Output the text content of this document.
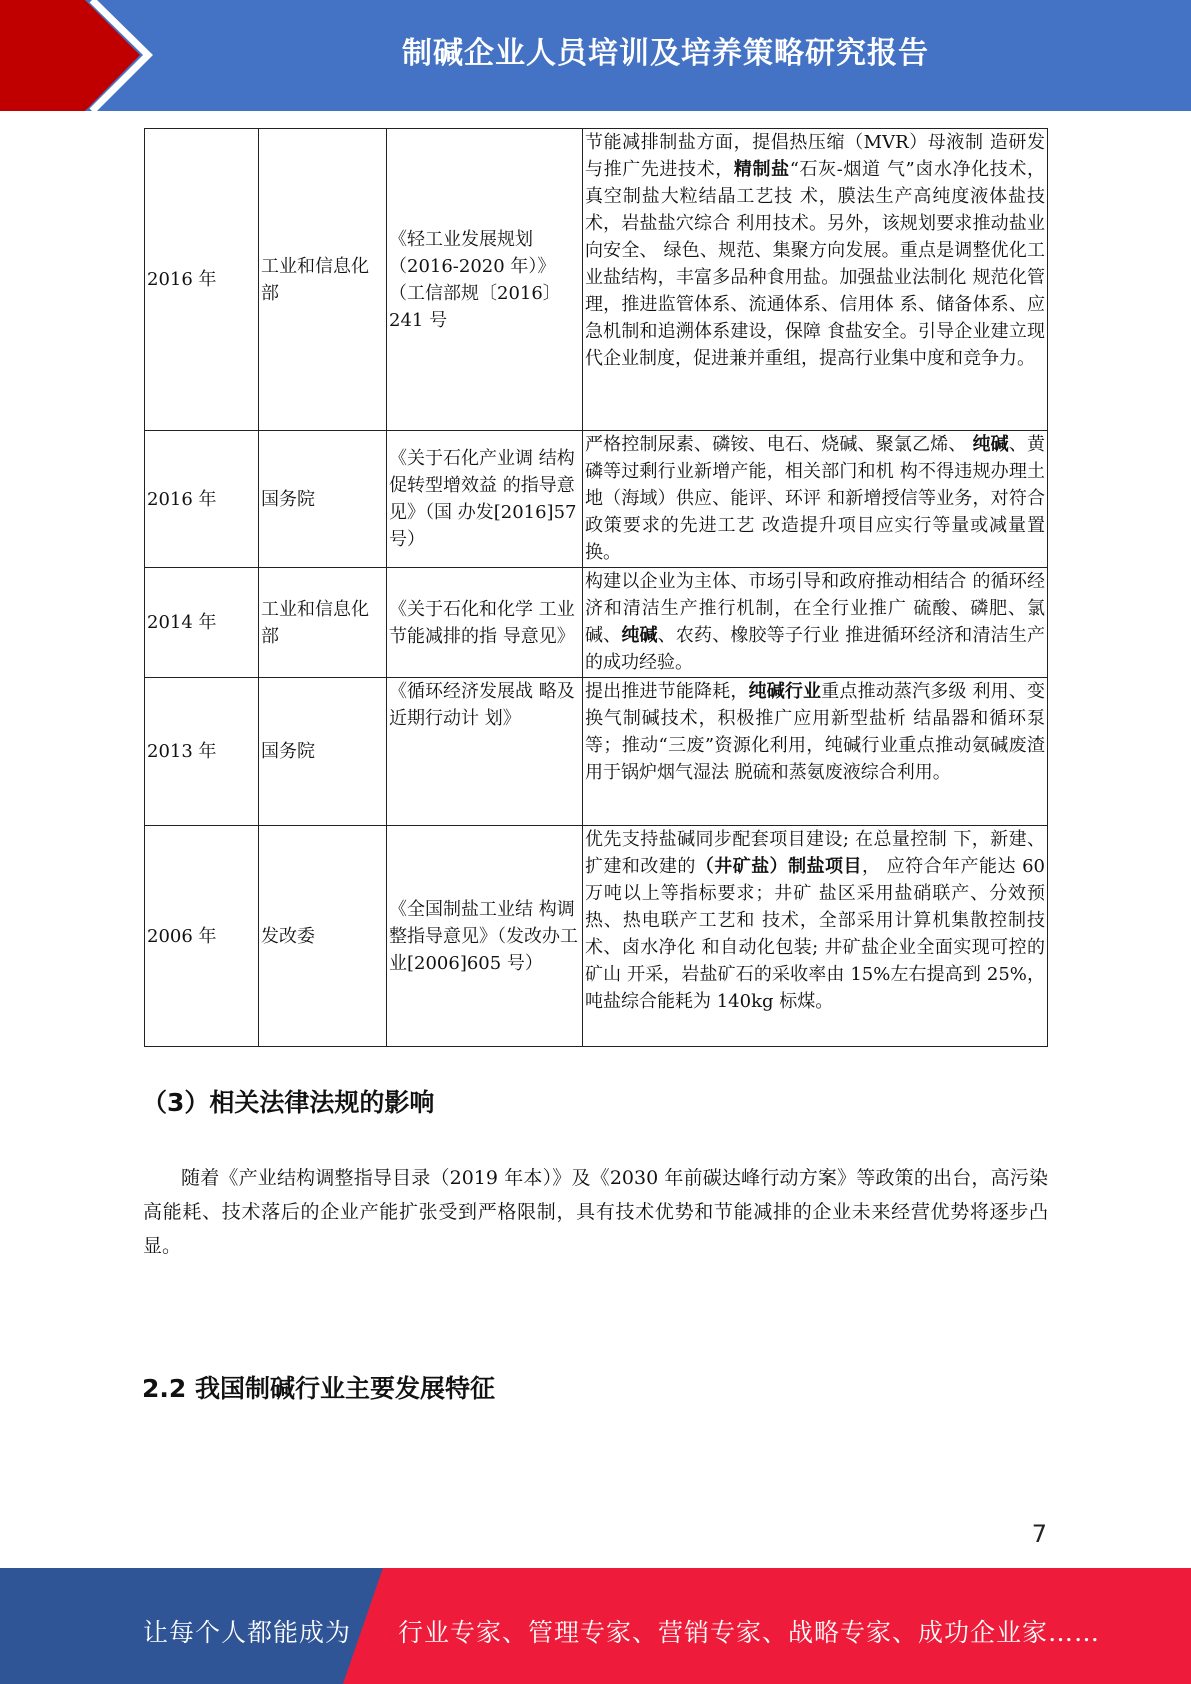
制碱企业人员培训及培养策略研究报告
2016 年	工业和信息化部	《轻工业发展规划（2016-2020 年）》（工信部规〔2016〕241 号	节能减排制盐方面，提倡热压缩（MVR）母液制 造研发与推广先进技术，精制盐“石灰-烟道 气”卤水净化技术，真空制盐大粒结晶工艺技 术，膜法生产高纯度液体盐技术，岩盐盐穴综合 利用技术。另外，该规划要求推动盐业向安全、 绿色、规范、集聚方向发展。重点是调整优化工 业盐结构，丰富多品种食用盐。加强盐业法制化 规范化管理，推进监管体系、流通体系、信用体 系、储备体系、应急机制和追溯体系建设，保障 食盐安全。引导企业建立现代企业制度，促进兼并重组，提高行业集中度和竞争力。
2016 年	国务院	《关于石化产业调 结构促转型增效益 的指导意见》（国 办发[2016]57 号）	严格控制尿素、磷铵、电石、烧碱、聚氯乙烯、 纯碱、黄磷等过剩行业新增产能，相关部门和机 构不得违规办理土地（海域）供应、能评、环评 和新增授信等业务，对符合政策要求的先进工艺 改造提升项目应实行等量或减量置换。
2014 年	工业和信息化部	《关于石化和化学 工业节能减排的指 导意见》	构建以企业为主体、市场引导和政府推动相结合 的循环经济和清洁生产推行机制，在全行业推广 硫酸、磷肥、氯碱、纯碱、农药、橡胶等子行业 推进循环经济和清洁生产的成功经验。
2013 年	国务院	《循环经济发展战 略及近期行动计 划》	提出推进节能降耗，纯碱行业重点推动蒸汽多级 利用、变换气制碱技术，积极推广应用新型盐析 结晶器和循环泵等；推动“三废”资源化利用，纯碱行业重点推动氨碱废渣用于锅炉烟气湿法 脱硫和蒸氨废液综合利用。
2006 年	发改委	《全国制盐工业结 构调整指导意见》（发改办工业[2006]605 号）	优先支持盐碱同步配套项目建设; 在总量控制 下，新建、扩建和改建的（井矿盐）制盐项目， 应符合年产能达 60 万吨以上等指标要求；井矿 盐区采用盐硝联产、分效预热、热电联产工艺和 技术，全部采用计算机集散控制技术、卤水净化 和自动化包装; 井矿盐企业全面实现可控的矿山 开采，岩盐矿石的采收率由 15%左右提高到 25%，吨盐综合能耗为 140kg 标煤。
（3）相关法律法规的影响
随着《产业结构调整指导目录（2019 年本）》及《2030 年前碳达峰行动方案》等政策的出台，高污染高能耗、技术落后的企业产能扩张受到严格限制，具有技术优势和节能减排的企业未来经营优势将逐步凸显。
2.2 我国制碱行业主要发展特征
7
让每个人都能成为 行业专家、管理专家、营销专家、战略专家、成功企业家……
